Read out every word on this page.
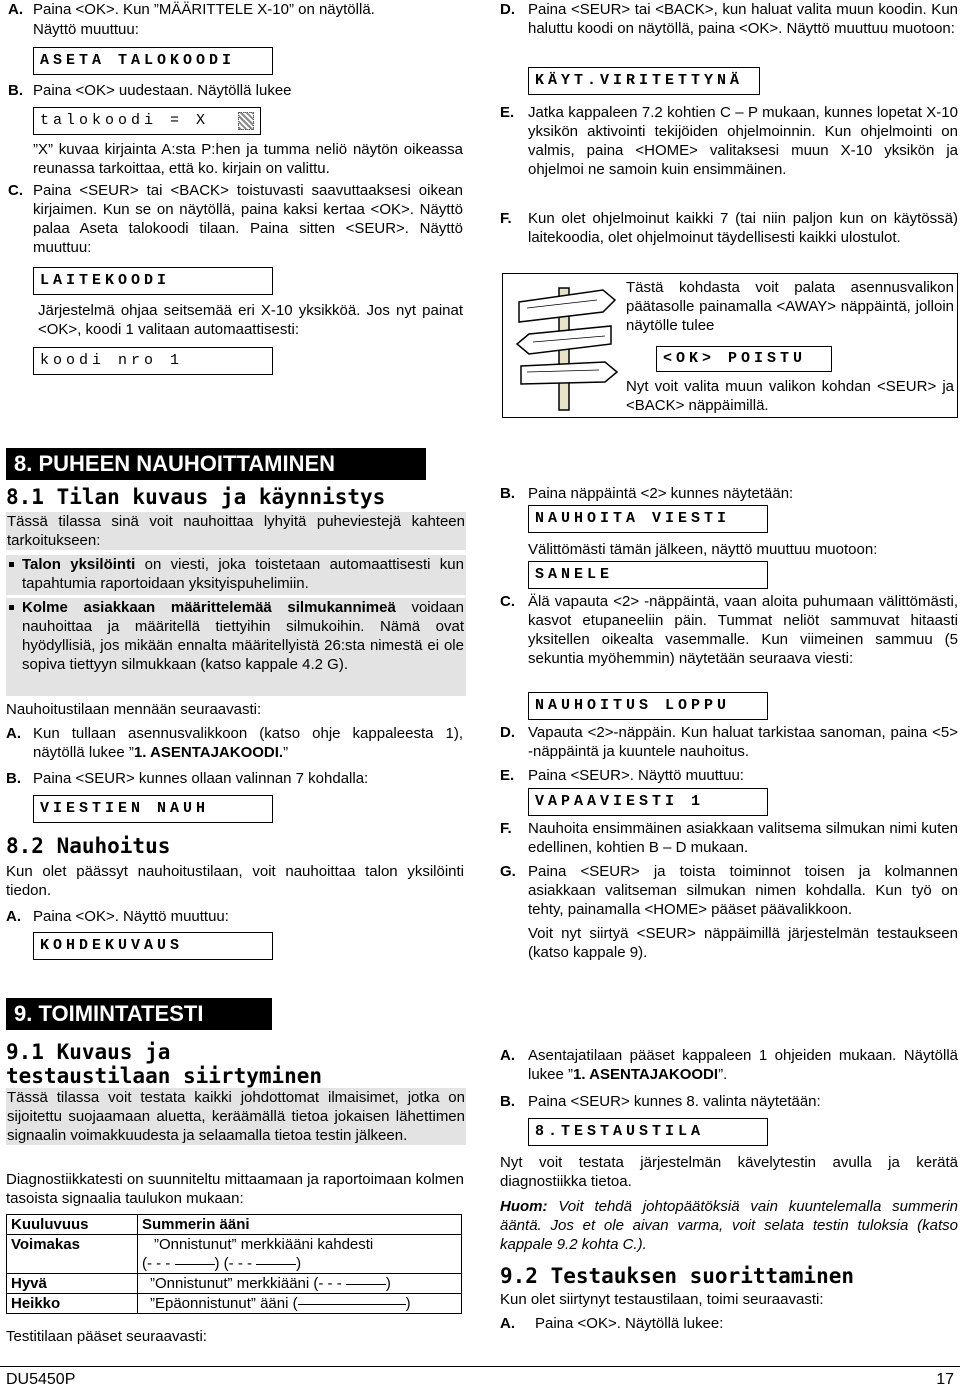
A. Paina <OK>. Kun ”MÄÄRITTELE X-10” on näytöllä.
Näyttö muuttuu:
ASETA TALOKOODI
B. Paina <OK> uudestaan. Näytöllä lukee
talokoodi = X
”X” kuvaa kirjainta A:sta P:hen ja tumma neliö näytön oikeassa reunassa tarkoittaa, että ko. kirjain on valittu.
C. Paina <SEUR> tai <BACK> toistuvasti saavuttaaksesi oikean kirjaimen. Kun se on näytöllä, paina kaksi kertaa <OK>. Näyttö palaa Aseta talokoodi tilaan. Paina sitten <SEUR>. Näyttö muuttuu:
LAITEKOODI
Järjestelmä ohjaa seitsemää eri X-10 yksikköä. Jos nyt painat <OK>, koodi 1 valitaan automaattisesti:
koodi nro 1
D. Paina <SEUR> tai <BACK>, kun haluat valita muun koodin. Kun haluttu koodi on näytöllä, paina <OK>. Näyttö muuttuu muotoon:
KÄYT.VIRITETTYNÄ
E. Jatka kappaleen 7.2 kohtien C – P mukaan, kunnes lopetat X-10 yksikön aktivointi tekijöiden ohjelmoinnin. Kun ohjelmointi on valmis, paina <HOME> valitaksesi muun X-10 yksikön ja ohjelmoi ne samoin kuin ensimmäinen.
F. Kun olet ohjelmoinut kaikki 7 (tai niin paljon kun on käytössä) laitekoodia, olet ohjelmoinut täydellisesti kaikki ulostulot.
Tästä kohdasta voit palata asennusvalikon päätasolle painamalla <AWAY> näppäintä, jolloin näytölle tulee
<OK> POISTU
Nyt voit valita muun valikon kohdan <SEUR> ja <BACK> näppäimillä.
8. PUHEEN NAUHOITTAMINEN
8.1 Tilan kuvaus ja käynnistys
Tässä tilassa sinä voit nauhoittaa lyhyitä puheviestejä kahteen tarkoitukseen:
Talon yksilöinti on viesti, joka toistetaan automaattisesti kun tapahtumia raportoidaan yksityispuhelimiin.
Kolme asiakkaan määrittelemää silmukannimeä voidaan nauhoittaa ja määritellä tiettyihin silmukoihin. Nämä ovat hyödyllisiä, jos mikään ennalta määritellyistä 26:sta nimestä ei ole sopiva tiettyyn silmukkaan (katso kappale 4.2 G).
Nauhoitustilaan mennään seuraavasti:
A. Kun tullaan asennusvalikkoon (katso ohje kappaleesta 1), näytöllä lukee ”1. ASENTAJAKOODI.”
B. Paina <SEUR> kunnes ollaan valinnan 7 kohdalla:
VIESTIEN NAUH
8.2 Nauhoitus
Kun olet päässyt nauhoitustilaan, voit nauhoittaa talon yksilöinti tiedon.
A. Paina <OK>. Näyttö muuttuu:
KOHDEKUVAUS
B. Paina näppäintä <2> kunnes näytetään:
NAUHOITA VIESTI
Välittömästi tämän jälkeen, näyttö muuttuu muotoon:
SANELE
C. Älä vapauta <2> -näppäintä, vaan aloita puhumaan välittömästi, kasvot etupaneeliin päin. Tummat neliöt sammuvat hitaasti yksitellen oikealta vasemmalle. Kun viimeinen sammuu (5 sekuntia myöhemmin) näytetään seuraava viesti:
NAUHOITUS LOPPU
D. Vapauta <2>-näppäin. Kun haluat tarkistaa sanoman, paina <5> -näppäintä ja kuuntele nauhoitus.
E. Paina <SEUR>. Näyttö muuttuu:
VAPAAVIESTI 1
F. Nauhoita ensimmäinen asiakkaan valitsema silmukan nimi kuten edellinen, kohtien B – D mukaan.
G. Paina <SEUR> ja toista toiminnot toisen ja kolmannen asiakkaan valitseman silmukan nimen kohdalla. Kun työ on tehty, painamalla <HOME> pääset päävalikkoon.
Voit nyt siirtyä <SEUR> näppäimillä järjestelmän testaukseen (katso kappale 9).
9. TOIMINTATESTI
9.1 Kuvaus ja testaustilaan siirtyminen
Tässä tilassa voit testata kaikki johdottomat ilmaisimet, jotka on sijoitettu suojaamaan aluetta, keräämällä tietoa jokaisen lähettimen signaalin voimakkuudesta ja selaamalla tietoa testin jälkeen.
Diagnostiikkatesti on suunniteltu mittaamaan ja raportoimaan kolmen tasoista signaalia taulukon mukaan:
Kuuluvuus	Summerin ääni
Voimakas	”Onnistunut” merkkiääni kahdesti
(- - - ) (- - - )

Hyvä	”Onnistunut” merkkiääni (- - - )
Heikko	”Epäonnistunut” ääni ( )
Testitilaan pääset seuraavasti:
A. Asentajatilaan pääset kappaleen 1 ohjeiden mukaan. Näytöllä lukee ”1. ASENTAJAKOODI”.
B. Paina <SEUR> kunnes 8. valinta näytetään:
8.TESTAUSTILA
Nyt voit testata järjestelmän kävelytestin avulla ja kerätä diagnostiikka tietoa.
Huom: Voit tehdä johtopäätöksiä vain kuuntelemalla summerin ääntä. Jos et ole aivan varma, voit selata testin tuloksia (katso kappale 9.2 kohta C.).
9.2 Testauksen suorittaminen
Kun olet siirtynyt testaustilaan, toimi seuraavasti:
A. Paina <OK>. Näytöllä lukee:
DU5450P	17
